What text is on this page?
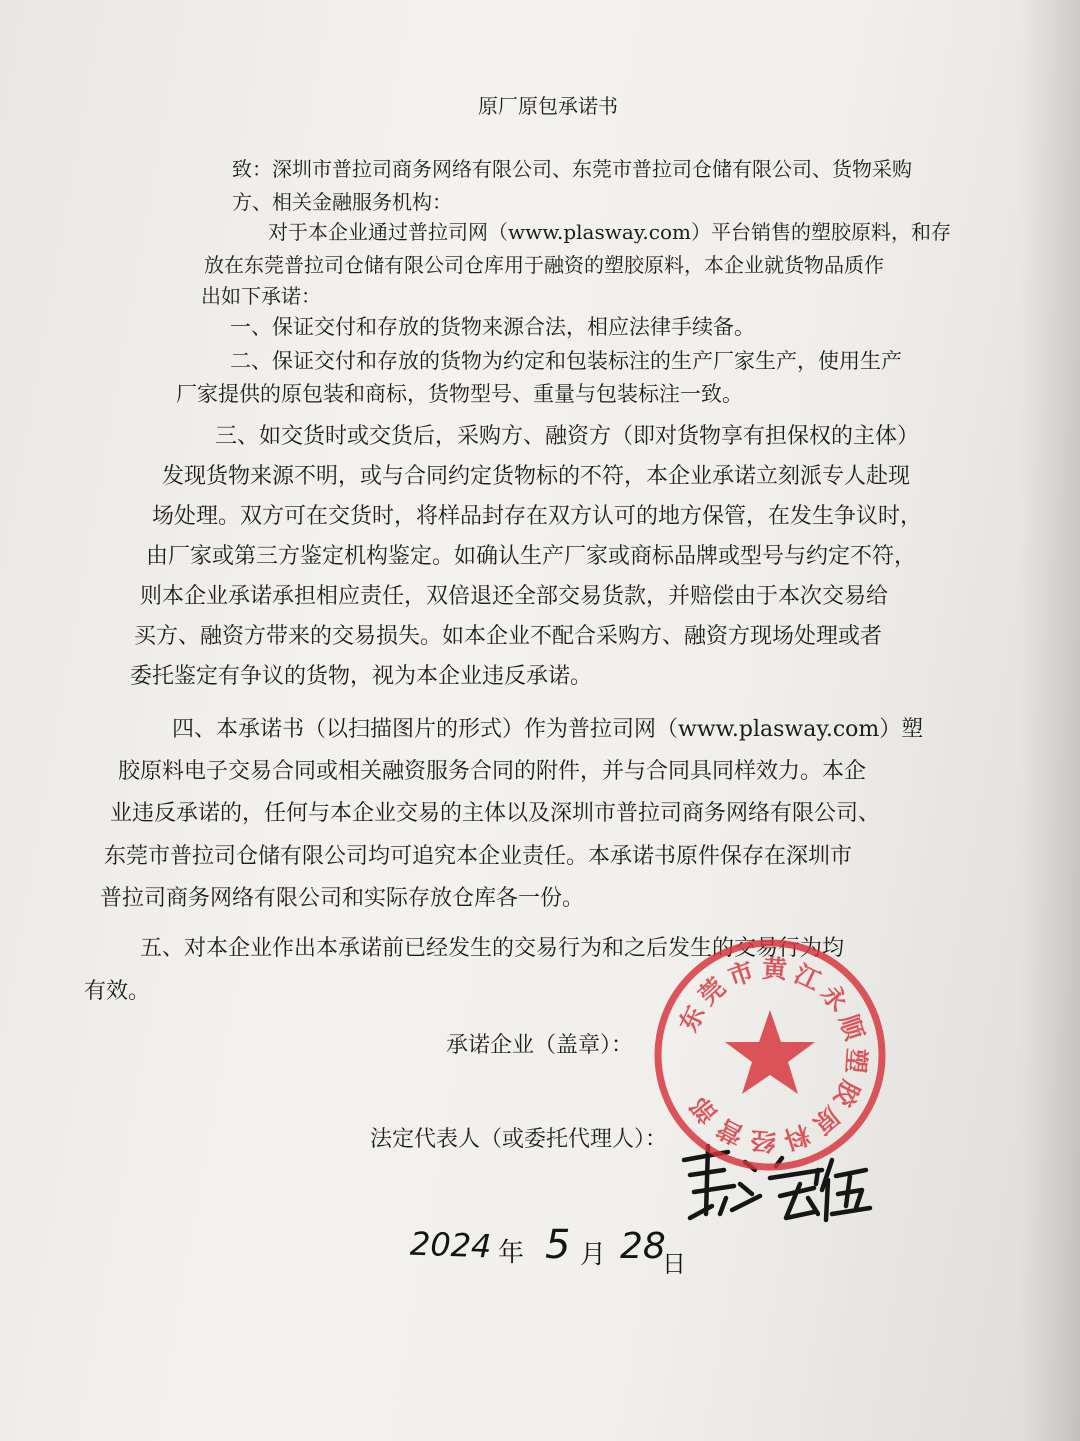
原厂原包承诺书

致：深圳市普拉司商务网络有限公司、东莞市普拉司仓储有限公司、货物采购

方、相关金融服务机构：

对于本企业通过普拉司网（www.plasway.com）平台销售的塑胶原料，和存

放在东莞普拉司仓储有限公司仓库用于融资的塑胶原料，本企业就货物品质作

出如下承诺：

一、保证交付和存放的货物来源合法，相应法律手续备。

二、保证交付和存放的货物为约定和包装标注的生产厂家生产，使用生产

厂家提供的原包装和商标，货物型号、重量与包装标注一致。

三、如交货时或交货后，采购方、融资方（即对货物享有担保权的主体）

发现货物来源不明，或与合同约定货物标的不符，本企业承诺立刻派专人赴现

场处理。双方可在交货时，将样品封存在双方认可的地方保管，在发生争议时，

由厂家或第三方鉴定机构鉴定。如确认生产厂家或商标品牌或型号与约定不符，

则本企业承诺承担相应责任，双倍退还全部交易货款，并赔偿由于本次交易给

买方、融资方带来的交易损失。如本企业不配合采购方、融资方现场处理或者

委托鉴定有争议的货物，视为本企业违反承诺。

四、本承诺书（以扫描图片的形式）作为普拉司网（www.plasway.com）塑

胶原料电子交易合同或相关融资服务合同的附件，并与合同具同样效力。本企

业违反承诺的，任何与本企业交易的主体以及深圳市普拉司商务网络有限公司、

东莞市普拉司仓储有限公司均可追究本企业责任。本承诺书原件保存在深圳市

普拉司商务网络有限公司和实际存放仓库各一份。

五、对本企业作出本承诺前已经发生的交易行为和之后发生的交易行为均

有效。

承诺企业（盖章）：

法定代表人（或委托代理人）：

2024 年 5 月 28
日
东
莞
市 黄 江
永
顺
塑
胶
原
料
经
营
部
